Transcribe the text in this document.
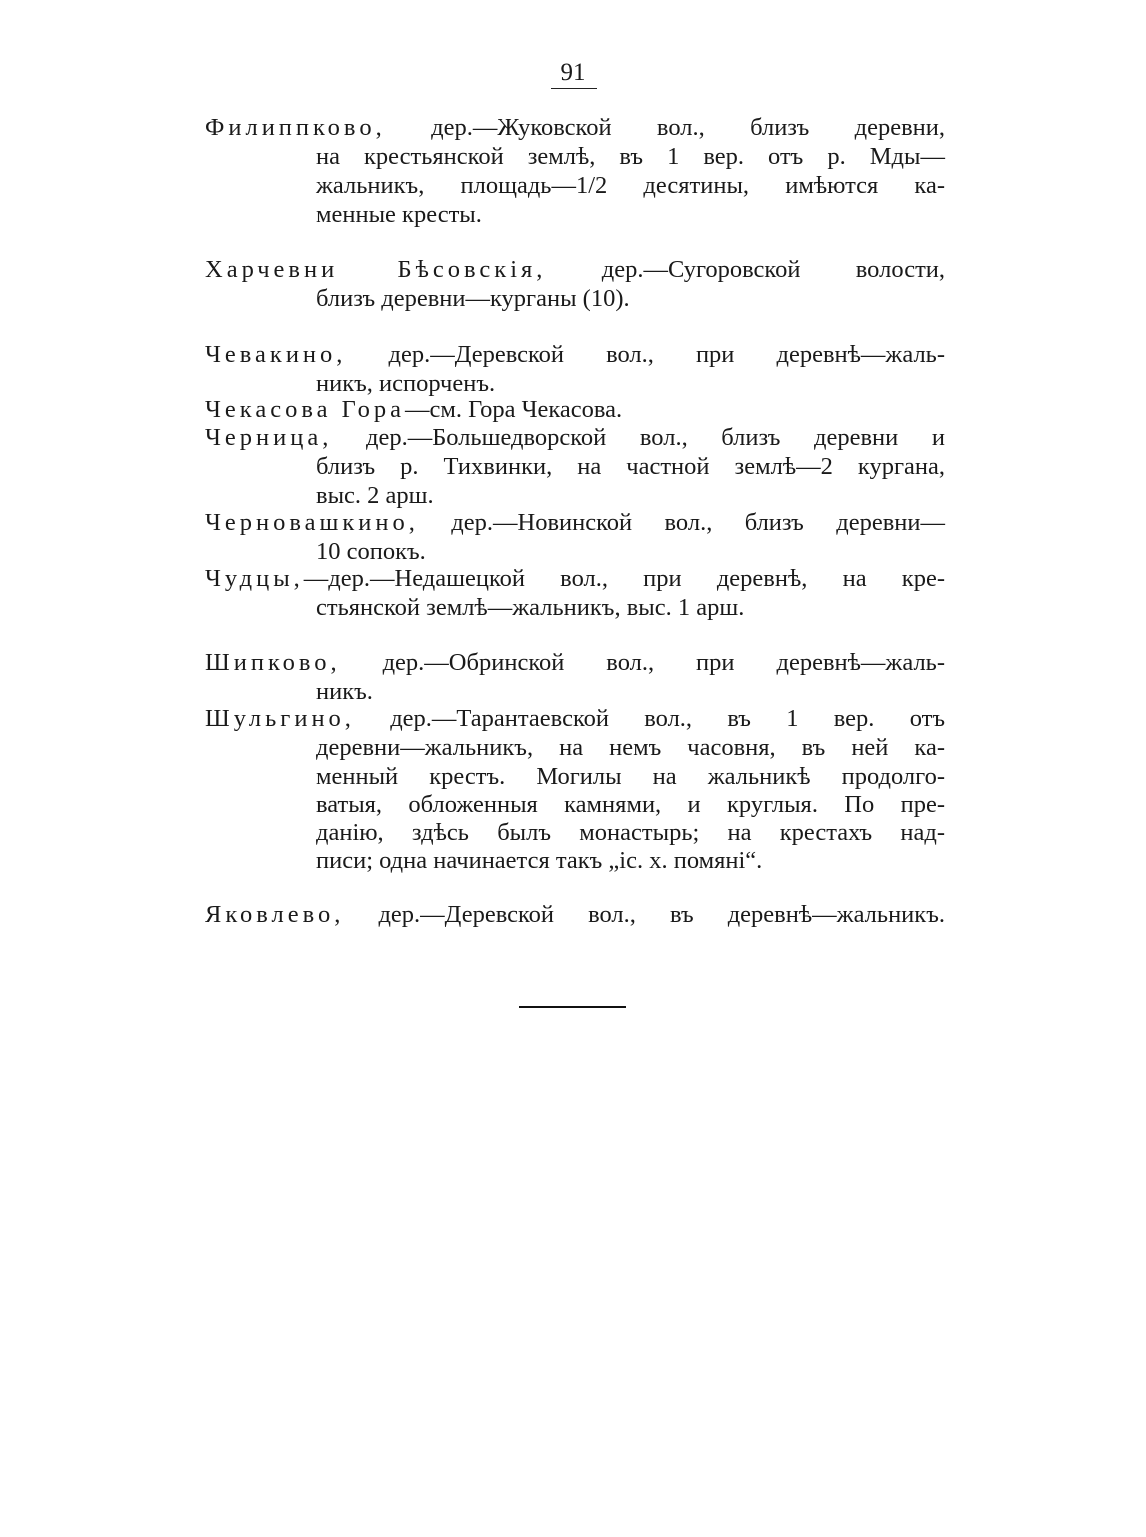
91
Филиппково, дер.—Жуковской вол., близъ деревни,
на крестьянской землѣ, въ 1 вер. отъ р. Мды—
жальникъ, площадь—1/2 десятины, имѣются ка-
менные кресты.
Харчевни Бѣсовскія, дер.—Сугоровской волости,
близъ деревни—курганы (10).
Чевакино, дер.—Деревской вол., при деревнѣ—жаль-
никъ, испорченъ.
Чекасова Гора—см. Гора Чекасова.
Черница, дер.—Большедворской вол., близъ деревни и
близъ р. Тихвинки, на частной землѣ—2 кургана,
выс. 2 арш.
Черновашкино, дер.—Новинской вол., близъ деревни—
10 сопокъ.
Чудцы,—дер.—Недашецкой вол., при деревнѣ, на кре-
стьянской землѣ—жальникъ, выс. 1 арш.
Шипково, дер.—Обринской вол., при деревнѣ—жаль-
никъ.
Шульгино, дер.—Тарантаевской вол., въ 1 вер. отъ
деревни—жальникъ, на немъ часовня, въ ней ка-
менный крестъ. Могилы на жальникѣ продолго-
ватыя, обложенныя камнями, и круглыя. По пре-
данію, здѣсь былъ монастырь; на крестахъ над-
писи; одна начинается такъ „іс. х. помяні“.
Яковлево, дер.—Деревской вол., въ деревнѣ—жальникъ.
